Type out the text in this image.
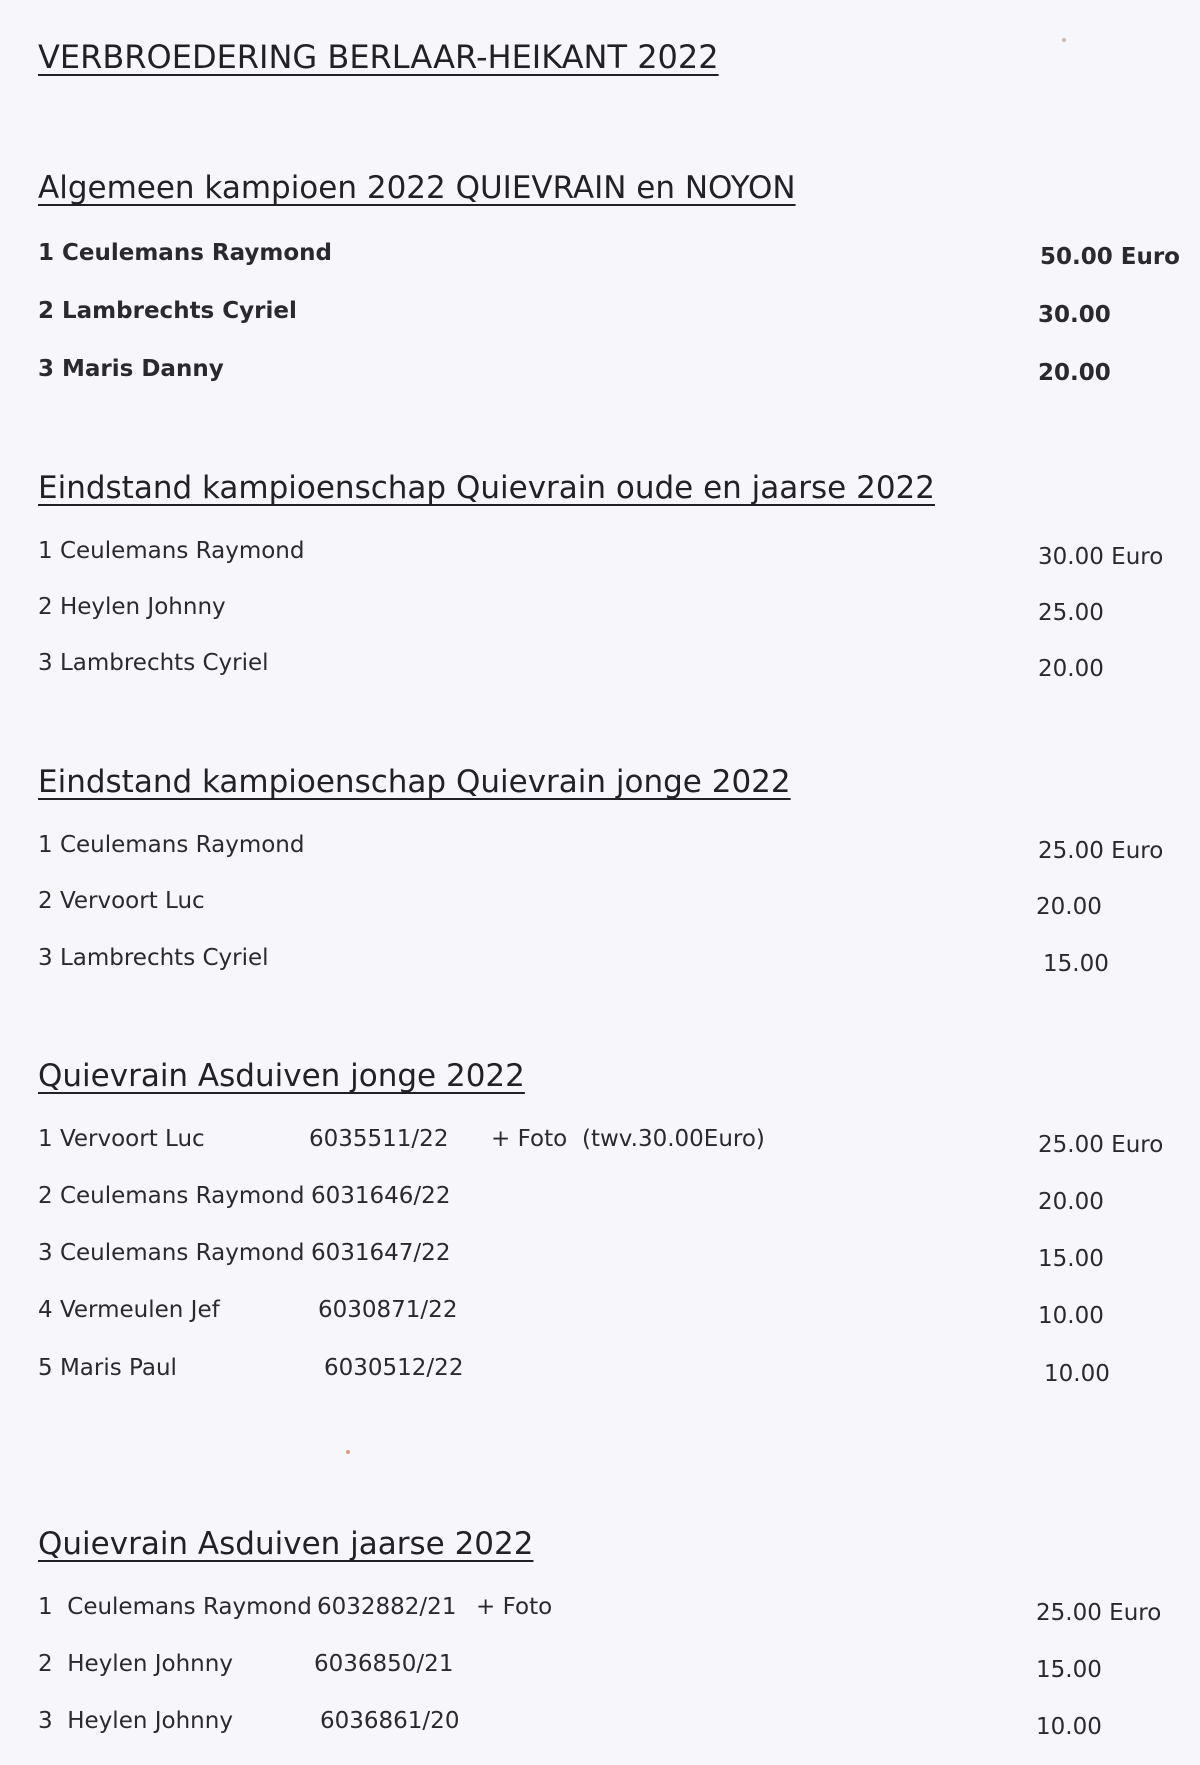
VERBROEDERING BERLAAR-HEIKANT 2022
Algemeen kampioen 2022 QUIEVRAIN en NOYON
1 Ceulemans Raymond	50.00 Euro
2 Lambrechts Cyriel	30.00
3 Maris Danny	20.00
Eindstand kampioenschap Quievrain oude en jaarse 2022
1 Ceulemans Raymond	30.00 Euro
2 Heylen Johnny	25.00
3 Lambrechts Cyriel	20.00
Eindstand kampioenschap Quievrain jonge 2022
1 Ceulemans Raymond	25.00 Euro
2 Vervoort Luc	20.00
3 Lambrechts Cyriel	15.00
Quievrain Asduiven jonge 2022
1 Vervoort Luc	6035511/22 + Foto (twv.30.00Euro)	25.00 Euro
2 Ceulemans Raymond 6031646/22	20.00
3 Ceulemans Raymond 6031647/22	15.00
4 Vermeulen Jef	6030871/22	10.00
5 Maris Paul	6030512/22	10.00
Quievrain Asduiven jaarse 2022
1  Ceulemans Raymond 6032882/21 + Foto	25.00 Euro
2  Heylen Johnny	6036850/21	15.00
3  Heylen Johnny	6036861/20	10.00
